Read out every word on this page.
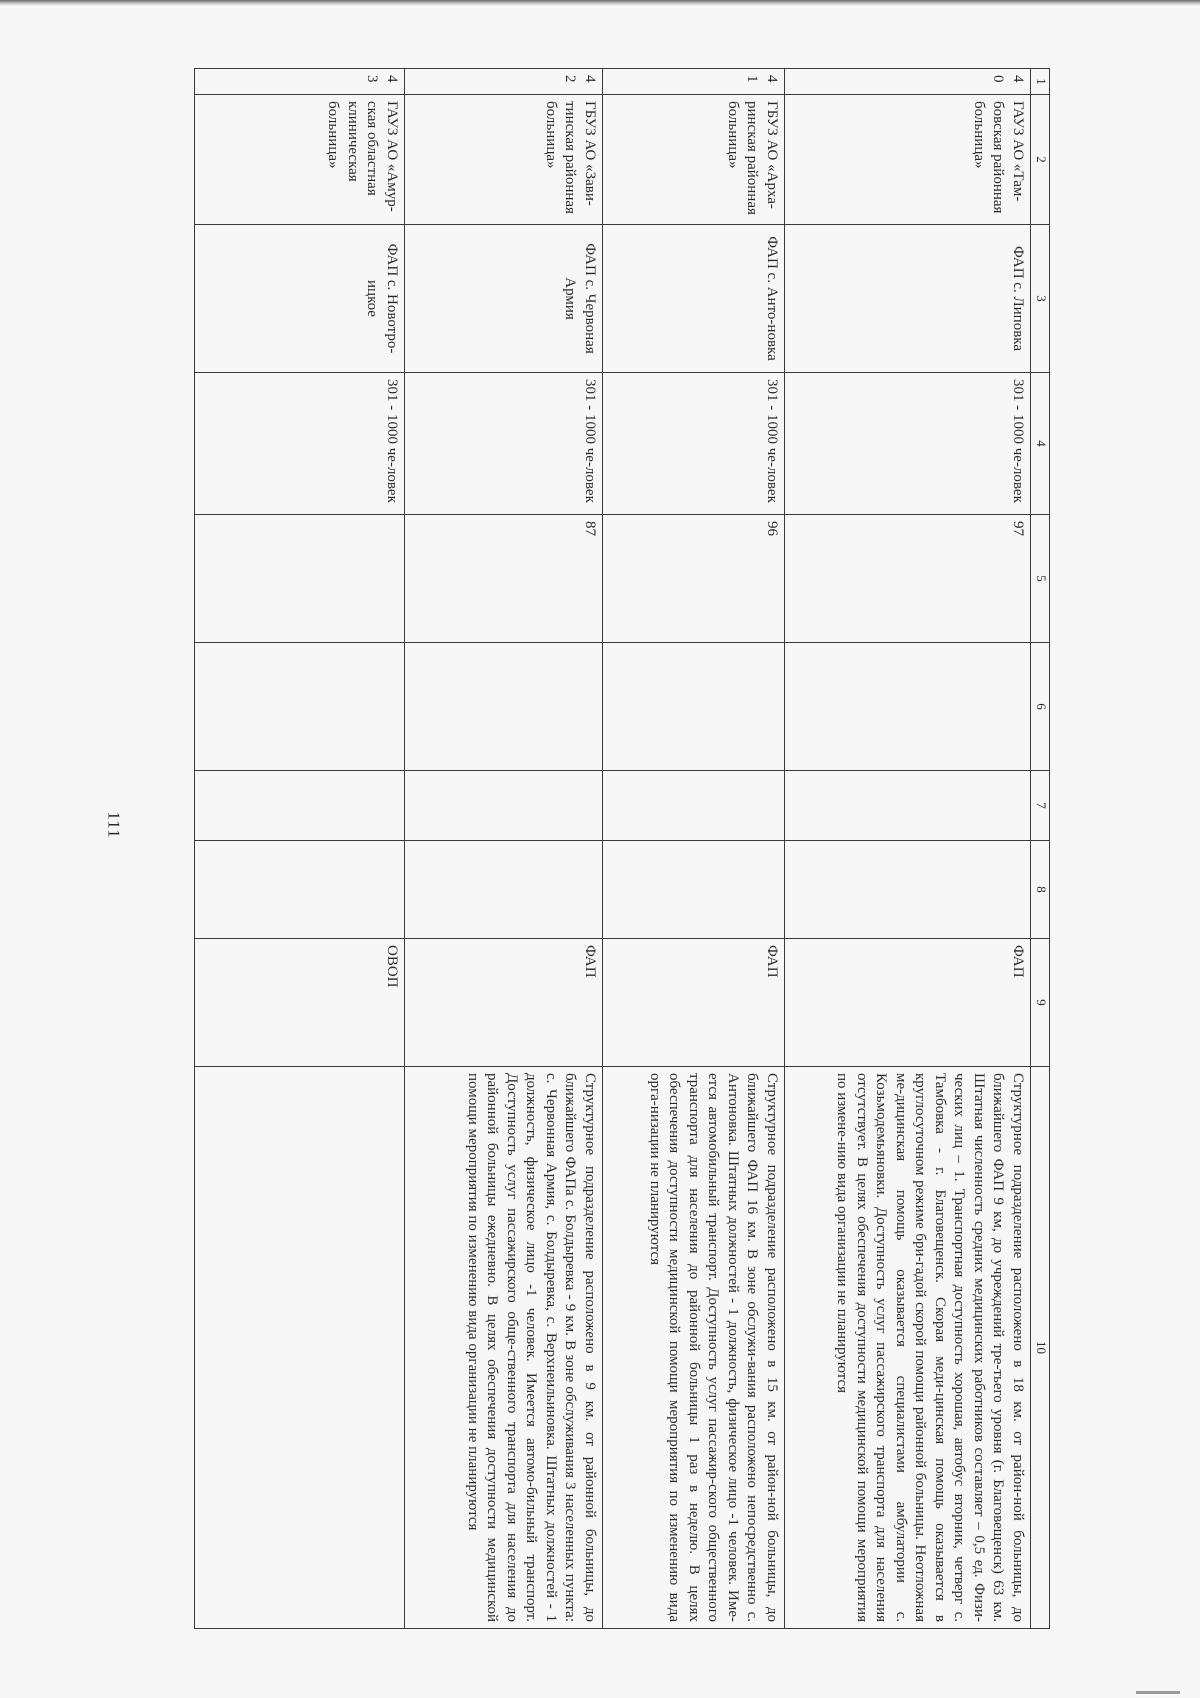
111
1	2	3	4	5	6	7	8	9	10
40	ГАУЗ АО «Там-бовская районная больница»	ФАП с. Липовка	301 - 1000 че-ловек	97				ФАП	Структурное подразделение расположено в 18 км. от район-ной больницы, до ближайшего ФАП 9 км, до учреждений тре-тьего уровня (г. Благовещенск) 63 км. Штатная численность средних медицинских работников составляет – 0,5 ед. Физи-ческих лиц – 1. Транспортная доступность хорошая, автобус вторник, четверг с. Тамбовка - г. Благовещенск. Скорая меди-цинская помощь оказывается в круглосуточном режиме бри-гадой скорой помощи районной больницы. Неотложная ме-дицинская помощь оказывается специалистами амбулатории с. Козьмодемьяновки. Доступность услуг пассажирского транспорта для населения отсутствует. В целях обеспечения доступности медицинской помощи мероприятия по измене-нию вида организации не планируются
41	ГБУЗ АО «Арха-ринская районная больница»	ФАП с. Анто-новка	301 - 1000 че-ловек	96				ФАП	Структурное подразделение расположено в 15 км. от район-ной больницы, до ближайшего ФАП 16 км. В зоне обслужи-вания расположено непосредственно с. Антоновка. Штатных должностей - 1 должность, физическое лицо -1 человек. Име-ется автомобильный транспорт. Доступность услуг пассажир-ского общественного транспорта для населения до районной больницы 1 раз в неделю. В целях обеспечения доступности медицинской помощи мероприятия по изменению вида орга-низации не планируются
42	ГБУЗ АО «Зави-тинская районная больница»	ФАП с. Червоная Армия	301 - 1000 че-ловек	87				ФАП	Структурное подразделение расположено в 9 км. от районной больницы, до ближайшего ФАПа с. Болдыревка - 9 км. В зоне обслуживания 3 населенных пункта: с. Червонная Армия, с. Болдыревка, с. Верхнеильиновка. Штатных должностей - 1 должность, физическое лицо -1 человек. Имеется автомо-бильный транспорт. Доступность услуг пассажирского обще-ственного транспорта для населения до районной больницы ежедневно. В целях обеспечения доступности медицинской помощи мероприятия по изменению вида организации не планируются
43	ГАУЗ АО «Амур-ская областная клиническая больница»	ФАП с. Новотро-ицкое	301 - 1000 че-ловек					ОВОП	
